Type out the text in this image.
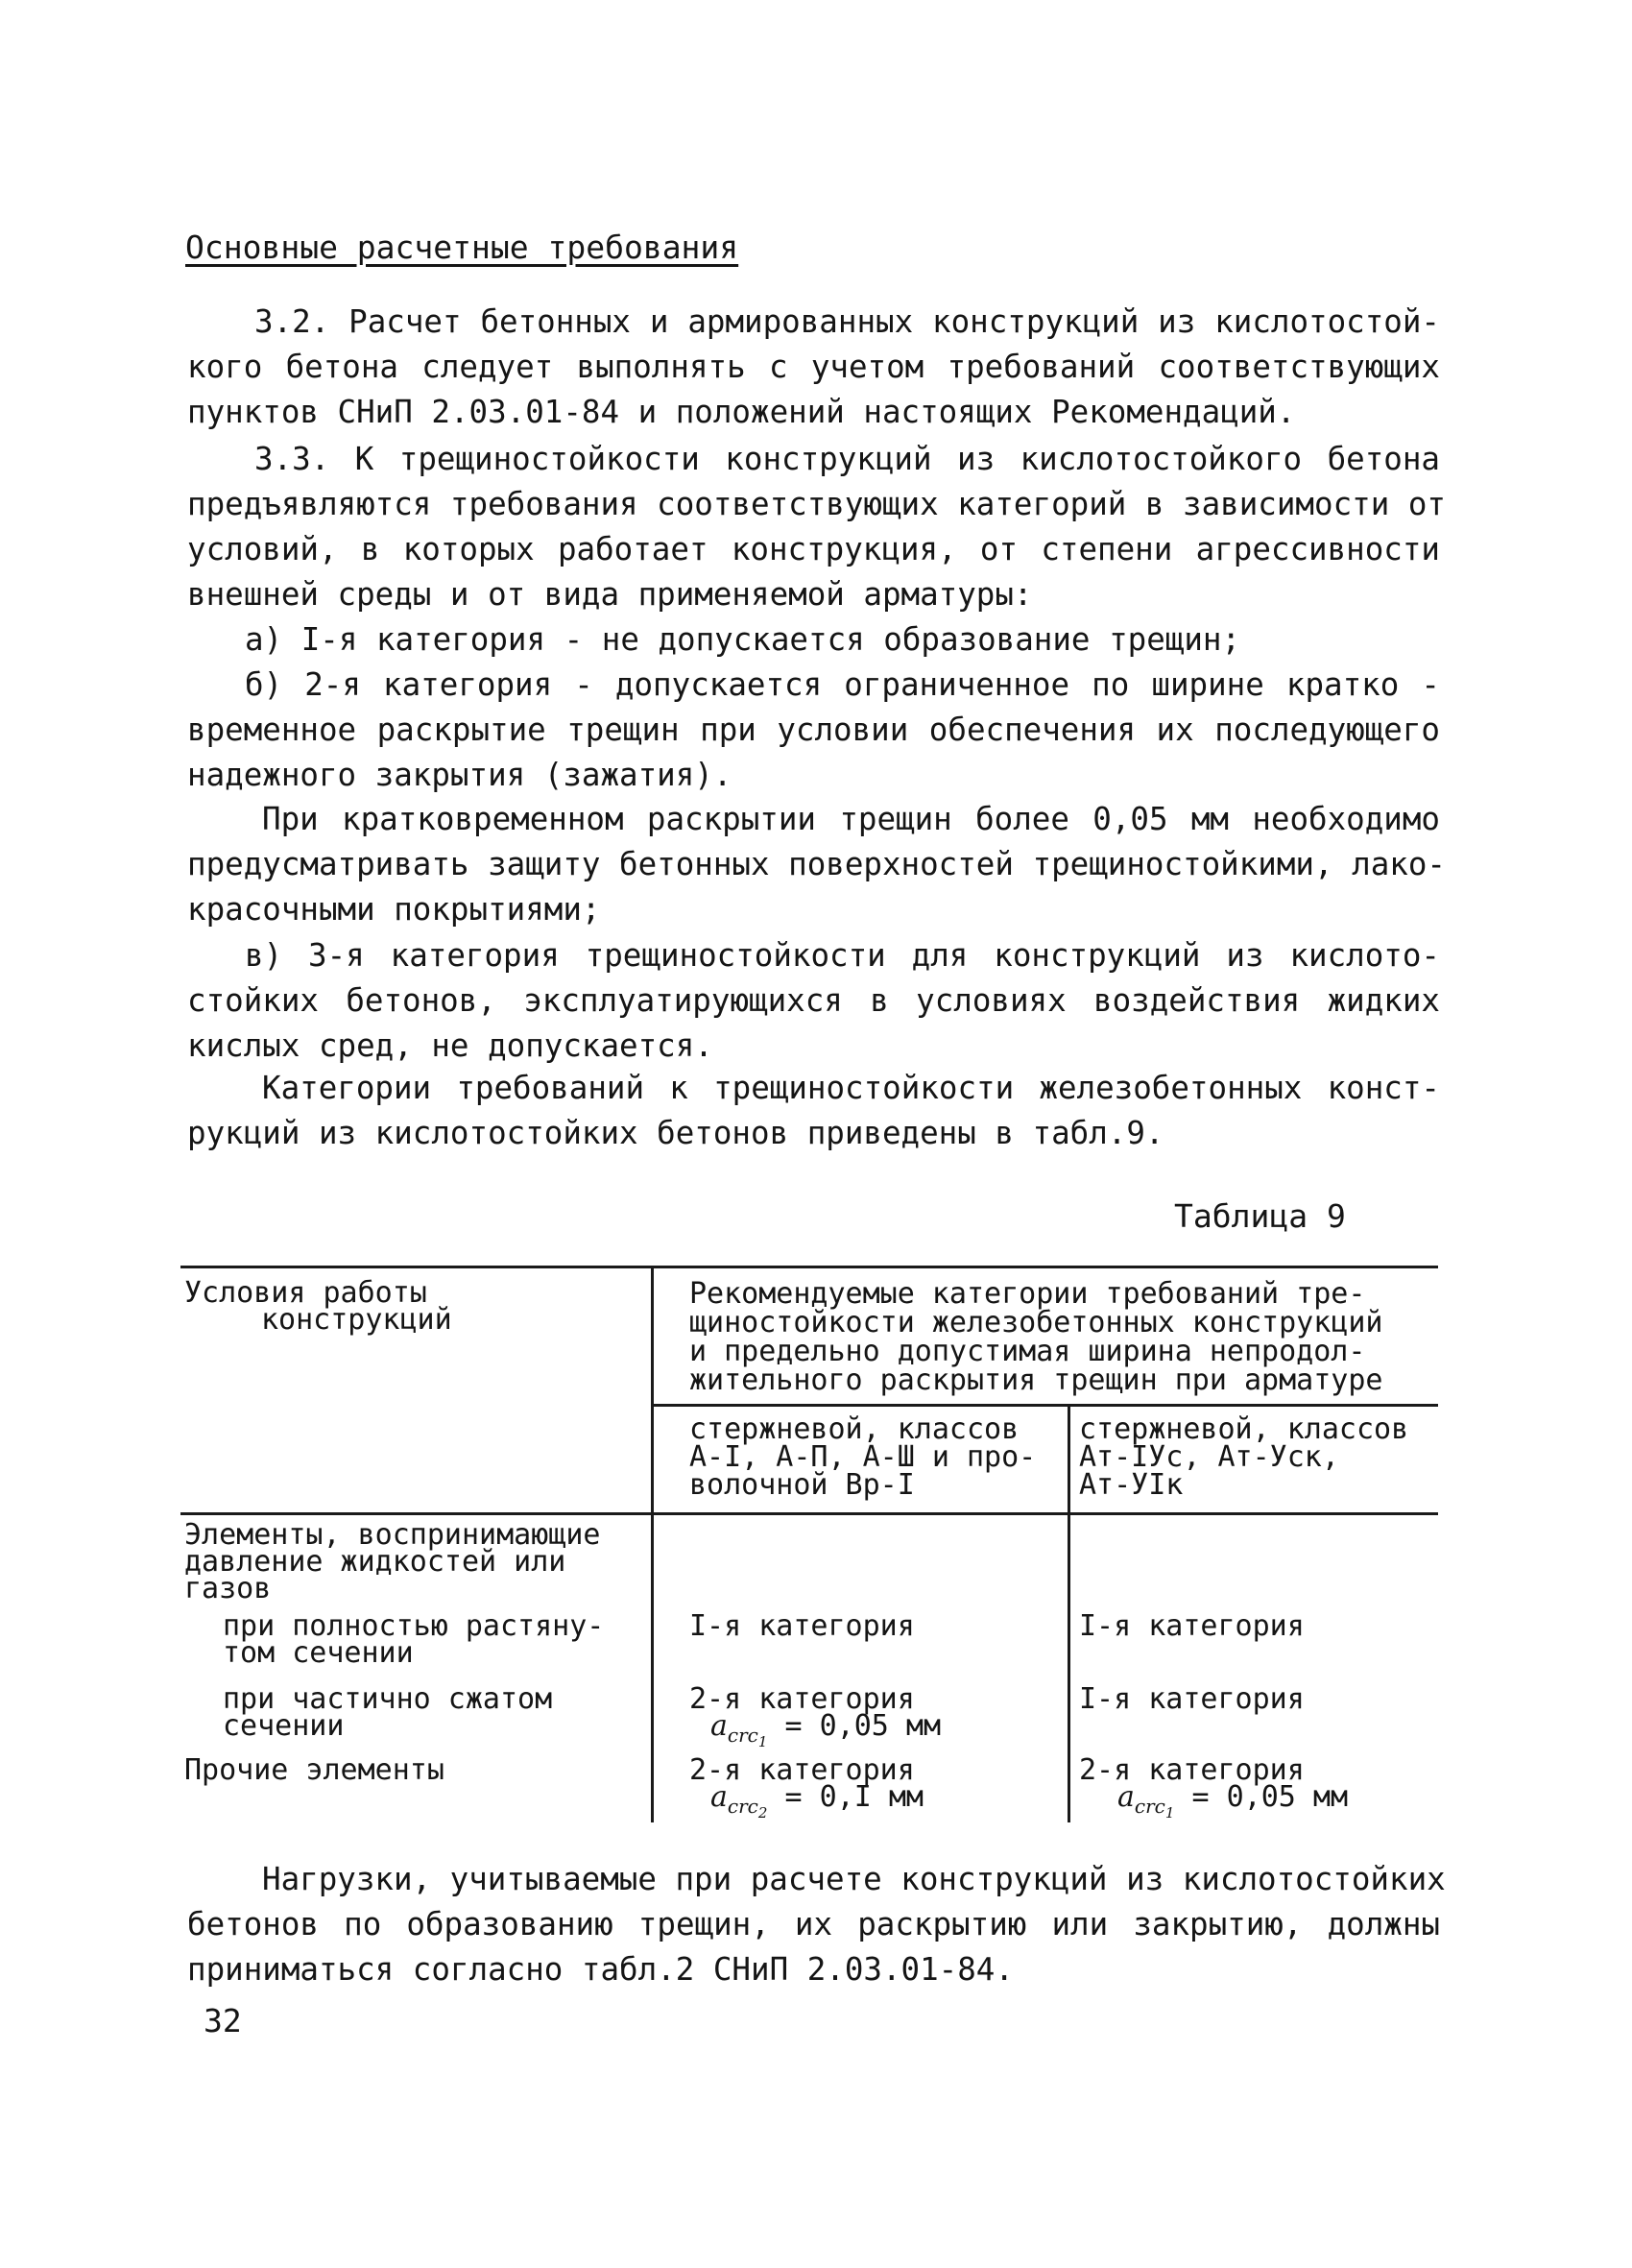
Основные расчетные требования
3.2. Расчет бетонных и армированных конструкций из кислотостой-
кого бетона следует выполнять с учетом требований соответствующих
пунктов СНиП 2.03.01-84 и положений настоящих Рекомендаций.
3.3. К трещиностойкости конструкций из кислотостойкого бетона
предъявляются требования соответствующих категорий в зависимости от
условий, в которых работает конструкция, от степени агрессивности
внешней среды и от вида применяемой арматуры:
а) I-я категория - не допускается образование трещин;
б) 2-я категория - допускается ограниченное по ширине кратко -
временное раскрытие трещин при условии обеспечения их последующего
надежного закрытия (зажатия).
При кратковременном раскрытии трещин более 0,05 мм необходимо
предусматривать защиту бетонных поверхностей трещиностойкими, лако-
красочными покрытиями;
в) 3-я категория трещиностойкости для конструкций из кислото-
стойких бетонов, эксплуатирующихся в условиях воздействия жидких
кислых сред, не допускается.
Категории требований к трещиностойкости железобетонных конст-
рукций из кислотостойких бетонов приведены в табл.9.
Таблица 9
Условия работы
конструкций
Рекомендуемые категории требований тре-
щиностойкости железобетонных конструкций
и предельно допустимая ширина непродол-
жительного раскрытия трещин при арматуре
стержневой, классов
А-I, А-П, А-Ш и про-
волочной Вр-I
стержневой, классов
Ат-IУс, Ат-Уск,
Ат-УIк
Элементы, воспринимающие
давление жидкостей или
газов
при полностью растяну-
том сечении
I-я категория	I-я категория
при частично сжатом
сечении
2-я категория
$a_{crc_1} = 0,05$ мм
I-я категория
Прочие элементы	2-я категория
$a_{crc_2} = 0,I$ мм
2-я категория
$a_{crc_1} = 0,05$ мм
Нагрузки, учитываемые при расчете конструкций из кислотостойких
бетонов по образованию трещин, их раскрытию или закрытию, должны
приниматься согласно табл.2 СНиП 2.03.01-84.
32
